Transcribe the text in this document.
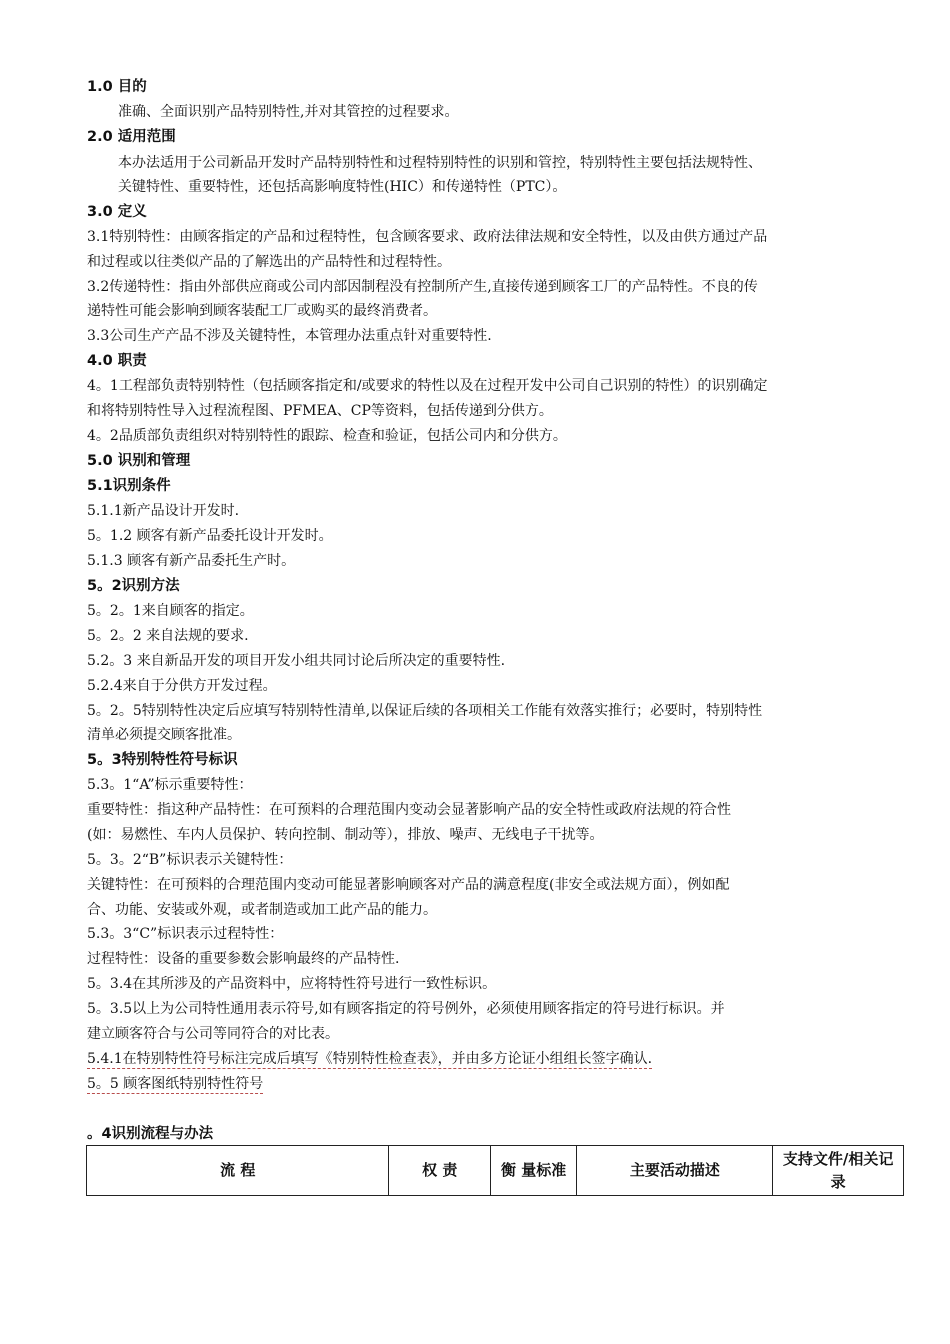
1.0 目的
准确、全面识别产品特别特性,并对其管控的过程要求。
2.0 适用范围
本办法适用于公司新品开发时产品特别特性和过程特别特性的识别和管控，特别特性主要包括法规特性、
关键特性、重要特性，还包括高影响度特性(HIC）和传递特性（PTC）。
3.0 定义
3.1特别特性：由顾客指定的产品和过程特性，包含顾客要求、政府法律法规和安全特性，以及由供方通过产品
和过程或以往类似产品的了解选出的产品特性和过程特性。
3.2传递特性：指由外部供应商或公司内部因制程没有控制所产生,直接传递到顾客工厂的产品特性。不良的传
递特性可能会影响到顾客装配工厂或购买的最终消费者。
3.3公司生产产品不涉及关键特性，本管理办法重点针对重要特性.
4.0 职责
4。1工程部负责特别特性（包括顾客指定和/或要求的特性以及在过程开发中公司自己识别的特性）的识别确定
和将特别特性导入过程流程图、PFMEA、CP等资料，包括传递到分供方。
4。2品质部负责组织对特别特性的跟踪、检查和验证，包括公司内和分供方。
5.0 识别和管理
5.1识别条件
5.1.1新产品设计开发时.
5。1.2 顾客有新产品委托设计开发时。
5.1.3 顾客有新产品委托生产时。
5。2识别方法
5。2。1来自顾客的指定。
5。2。2 来自法规的要求.
5.2。3 来自新品开发的项目开发小组共同讨论后所决定的重要特性.
5.2.4来自于分供方开发过程。
5。2。5特别特性决定后应填写特别特性清单,以保证后续的各项相关工作能有效落实推行；必要时，特别特性
清单必须提交顾客批准。
5。3特别特性符号标识
5.3。1“A”标示重要特性：
重要特性：指这种产品特性：在可预料的合理范围内变动会显著影响产品的安全特性或政府法规的符合性
(如：易燃性、车内人员保护、转向控制、制动等），排放、噪声、无线电子干扰等。
5。3。2“B”标识表示关键特性：
关键特性：在可预料的合理范围内变动可能显著影响顾客对产品的满意程度(非安全或法规方面），例如配
合、功能、安装或外观，或者制造或加工此产品的能力。
5.3。3“C”标识表示过程特性：
过程特性：设备的重要参数会影响最终的产品特性.
5。3.4在其所涉及的产品资料中，应将特性符号进行一致性标识。
5。3.5以上为公司特性通用表示符号,如有顾客指定的符号例外，必须使用顾客指定的符号进行标识。并
建立顾客符合与公司等同符合的对比表。
5.4.1在特别特性符号标注完成后填写《特别特性检查表》，并由多方论证小组组长签字确认.
5。5 顾客图纸特别特性符号
。4识别流程与办法
流 程	权 责	衡 量标准	主要活动描述	支持文件/相关记录
